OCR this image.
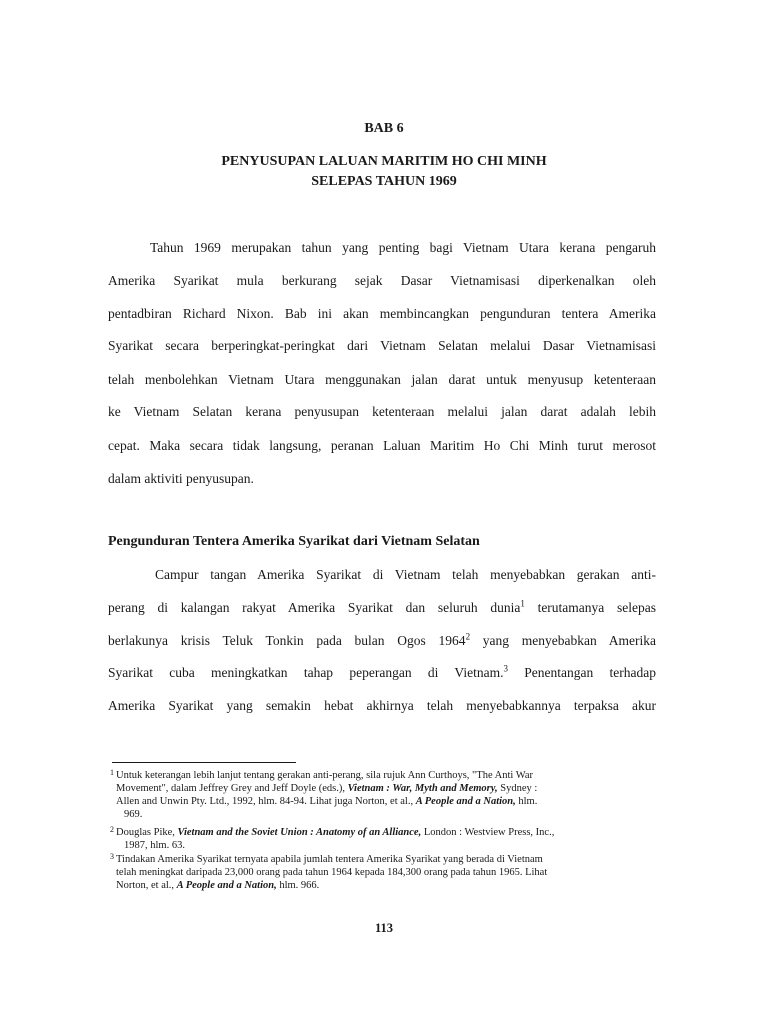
BAB 6
PENYUSUPAN LALUAN MARITIM HO CHI MINH
SELEPAS TAHUN 1969
Tahun 1969 merupakan tahun yang penting bagi Vietnam Utara kerana pengaruh
Amerika Syarikat mula berkurang sejak Dasar Vietnamisasi diperkenalkan oleh
pentadbiran Richard Nixon. Bab ini akan membincangkan pengunduran tentera Amerika
Syarikat secara berperingkat-peringkat dari Vietnam Selatan melalui Dasar Vietnamisasi
telah menbolehkan Vietnam Utara menggunakan jalan darat untuk menyusup ketenteraan
ke Vietnam Selatan kerana penyusupan ketenteraan melalui jalan darat adalah lebih
cepat. Maka secara tidak langsung, peranan Laluan Maritim Ho Chi Minh turut merosot
dalam aktiviti penyusupan.
Pengunduran Tentera Amerika Syarikat dari Vietnam Selatan
Campur tangan Amerika Syarikat di Vietnam telah menyebabkan gerakan anti-
perang di kalangan rakyat Amerika Syarikat dan seluruh dunia$^1$ terutamanya selepas
berlakunya krisis Teluk Tonkin pada bulan Ogos 1964$^2$ yang menyebabkan Amerika
Syarikat cuba meningkatkan tahap peperangan di Vietnam.$^3$ Penentangan terhadap
Amerika Syarikat yang semakin hebat akhirnya telah menyebabkannya terpaksa akur
1 Untuk keterangan lebih lanjut tentang gerakan anti-perang, sila rujuk Ann Curthoys, "The Anti War
Movement", dalam Jeffrey Grey and Jeff Doyle (eds.), Vietnam : War, Myth and Memory, Sydney :
Allen and Unwin Pty. Ltd., 1992, hlm. 84-94. Lihat juga Norton, et al., A People and a Nation, hlm.
969.
2 Douglas Pike, Vietnam and the Soviet Union : Anatomy of an Alliance, London : Westview Press, Inc.,
1987, hlm. 63.
3 Tindakan Amerika Syarikat ternyata apabila jumlah tentera Amerika Syarikat yang berada di Vietnam
telah meningkat daripada 23,000 orang pada tahun 1964 kepada 184,300 orang pada tahun 1965. Lihat
Norton, et al., A People and a Nation, hlm. 966.
113
